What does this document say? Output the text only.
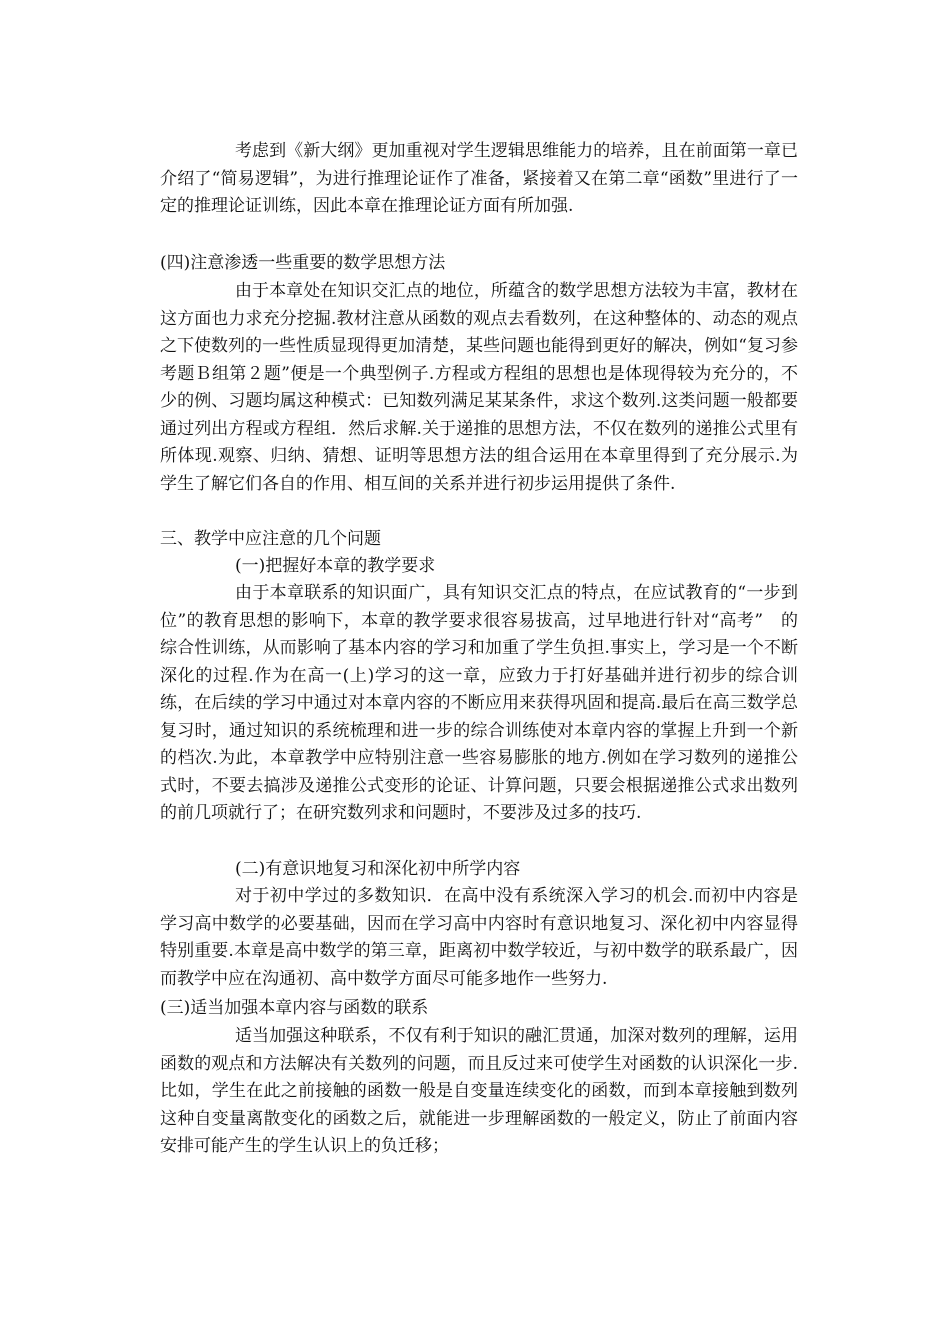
考虑到《新大纲》更加重视对学生逻辑思维能力的培养，且在前面第一章已介绍了“简易逻辑”，为进行推理论证作了准备，紧接着又在第二章“函数”里进行了一定的推理论证训练，因此本章在推理论证方面有所加强.

(四)注意渗透一些重要的数学思想方法

由于本章处在知识交汇点的地位，所蕴含的数学思想方法较为丰富，教材在这方面也力求充分挖掘.教材注意从函数的观点去看数列，在这种整体的、动态的观点之下使数列的一些性质显现得更加清楚，某些问题也能得到更好的解决，例如“复习参考题Ｂ组第２题”便是一个典型例子.方程或方程组的思想也是体现得较为充分的，不少的例、习题均属这种模式：已知数列满足某某条件，求这个数列.这类问题一般都要通过列出方程或方程组．然后求解.关于递推的思想方法，不仅在数列的递推公式里有所体现.观察、归纳、猜想、证明等思想方法的组合运用在本章里得到了充分展示.为学生了解它们各自的作用、相互间的关系并进行初步运用提供了条件.

三、教学中应注意的几个问题

(一)把握好本章的教学要求

由于本章联系的知识面广，具有知识交汇点的特点，在应试教育的“一步到位”的教育思想的影响下，本章的教学要求很容易拔高，过早地进行针对“高考”　的综合性训练，从而影响了基本内容的学习和加重了学生负担.事实上，学习是一个不断深化的过程.作为在高一(上)学习的这一章，应致力于打好基础并进行初步的综合训练，在后续的学习中通过对本章内容的不断应用来获得巩固和提高.最后在高三数学总复习时，通过知识的系统梳理和进一步的综合训练使对本章内容的掌握上升到一个新的档次.为此，本章教学中应特别注意一些容易膨胀的地方.例如在学习数列的递推公式时，不要去搞涉及递推公式变形的论证、计算问题，只要会根据递推公式求出数列的前几项就行了；在研究数列求和问题时，不要涉及过多的技巧.

(二)有意识地复习和深化初中所学内容

对于初中学过的多数知识．在高中没有系统深入学习的机会.而初中内容是学习高中数学的必要基础，因而在学习高中内容时有意识地复习、深化初中内容显得特别重要.本章是高中数学的第三章，距离初中数学较近，与初中数学的联系最广，因而教学中应在沟通初、高中数学方面尽可能多地作一些努力.

(三)适当加强本章内容与函数的联系

适当加强这种联系，不仅有利于知识的融汇贯通，加深对数列的理解，运用函数的观点和方法解决有关数列的问题，而且反过来可使学生对函数的认识深化一步.比如，学生在此之前接触的函数一般是自变量连续变化的函数，而到本章接触到数列这种自变量离散变化的函数之后，就能进一步理解函数的一般定义，防止了前面内容安排可能产生的学生认识上的负迁移；
